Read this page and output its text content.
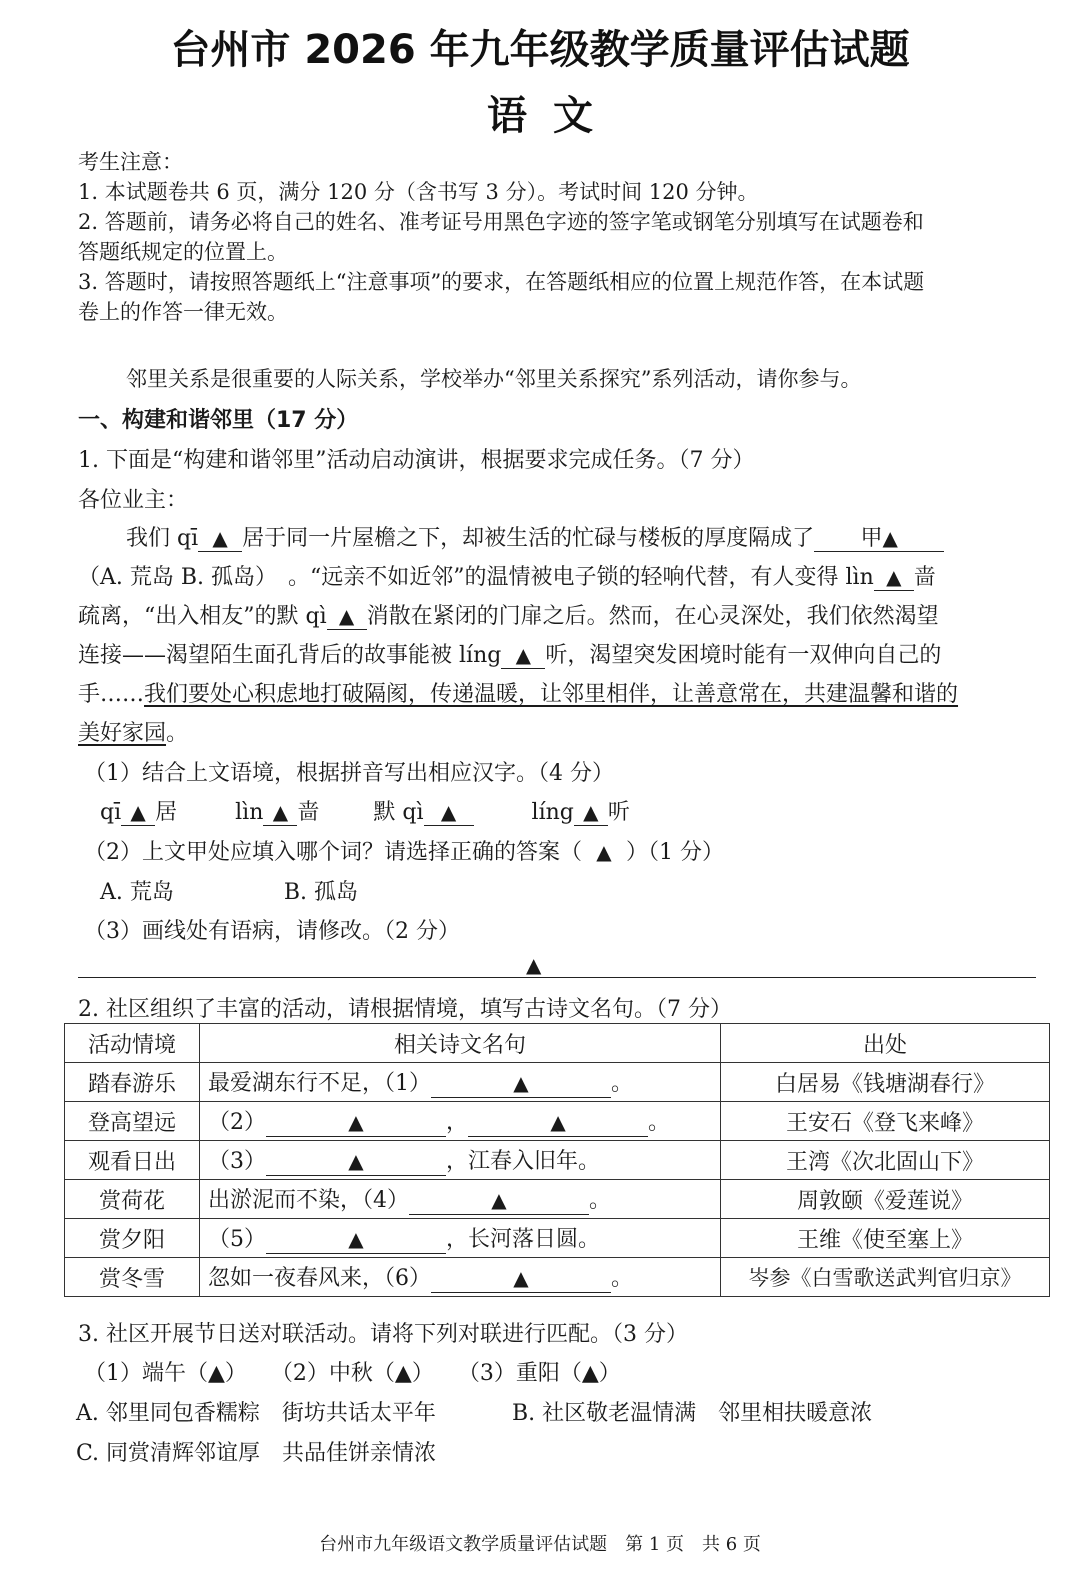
台州市 2026 年九年级教学质量评估试题
语文
考生注意：
1. 本试题卷共 6 页，满分 120 分（含书写 3 分）。考试时间 120 分钟。
2. 答题前，请务必将自己的姓名、准考证号用黑色字迹的签字笔或钢笔分别填写在试题卷和
答题纸规定的位置上。
3. 答题时，请按照答题纸上“注意事项”的要求，在答题纸相应的位置上规范作答，在本试题
卷上的作答一律无效。
邻里关系是很重要的人际关系，学校举办“邻里关系探究”系列活动，请你参与。
一、构建和谐邻里（17 分）
1. 下面是“构建和谐邻里”活动启动演讲，根据要求完成任务。（7 分）
各位业主：
我们 qī ▲ 居于同一片屋檐之下，却被生活的忙碌与楼板的厚度隔成了 甲▲
（A. 荒岛 B. 孤岛）　。“远亲不如近邻”的温情被电子锁的轻响代替，有人变得 lìn ▲ 啬
疏离，“出入相友”的默 qì ▲ 消散在紧闭的门扉之后。然而，在心灵深处，我们依然渴望
连接——渴望陌生面孔背后的故事能被 líng ▲ 听，渴望突发困境时能有一双伸向自己的
手……我们要处心积虑地打破隔阂，传递温暖，让邻里相伴，让善意常在，共建温馨和谐的
美好家园。
（1）结合上文语境，根据拼音写出相应汉字。（4 分）
qī ▲ 居	lìn ▲ 啬 默 qì ▲	líng ▲ 听
（2）上文甲处应填入哪个词？请选择正确的答案（ ▲ ）（1 分）
A. 荒岛	B. 孤岛
（3）画线处有语病，请修改。（2 分）
▲
2. 社区组织了丰富的活动，请根据情境，填写古诗文名句。（7 分）
活动情境	相关诗文名句	出处
踏春游乐	最爱湖东行不足，（1） ▲ 。	白居易《钱塘湖春行》
登高望远	（2） ▲ ， ▲ 。	王安石《登飞来峰》
观看日出	（3） ▲ ，江春入旧年。	王湾《次北固山下》
赏荷花	出淤泥而不染，（4） ▲ 。	周敦颐《爱莲说》
赏夕阳	（5） ▲ ，长河落日圆。	王维《使至塞上》
赏冬雪	忽如一夜春风来，（6） ▲ 。	岑参《白雪歌送武判官归京》
3. 社区开展节日送对联活动。请将下列对联进行匹配。（3 分）
（1）端午（▲） （2）中秋（▲） （3）重阳（▲）
A. 邻里同包香糯粽　街坊共话太平年	B. 社区敬老温情满　邻里相扶暖意浓
C. 同赏清辉邻谊厚　共品佳饼亲情浓
台州市九年级语文教学质量评估试题　第 1 页　共 6 页
